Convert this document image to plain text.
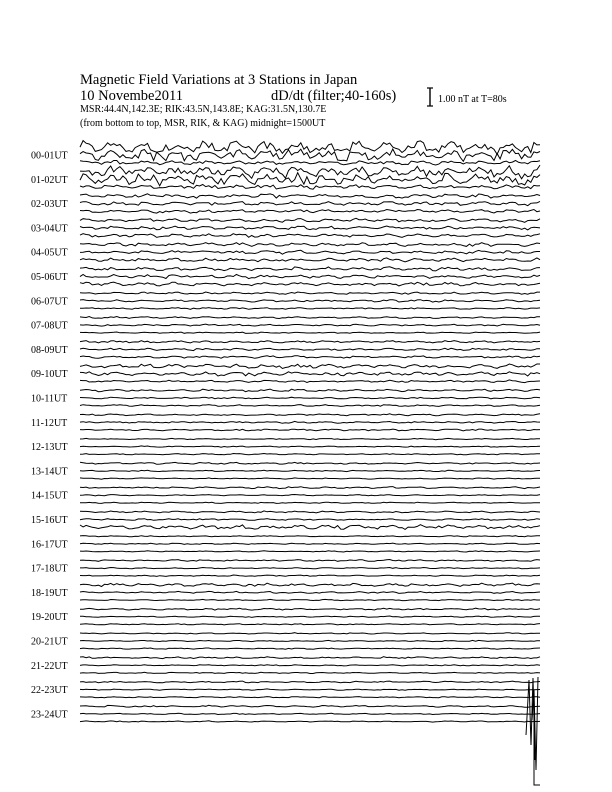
Magnetic Field Variations at 3 Stations in Japan
10 Novembe2011	dD/dt (filter;40-160s)
MSR:44.4N,142.3E; RIK:43.5N,143.8E; KAG:31.5N,130.7E
(from bottom to top, MSR, RIK, & KAG) midnight=1500UT
1.00 nT at T=80s
00-01UT
01-02UT
02-03UT
03-04UT
04-05UT
05-06UT
06-07UT
07-08UT
08-09UT
09-10UT
10-11UT
11-12UT
12-13UT
13-14UT
14-15UT
15-16UT
16-17UT
17-18UT
18-19UT
19-20UT
20-21UT
21-22UT
22-23UT
23-24UT
